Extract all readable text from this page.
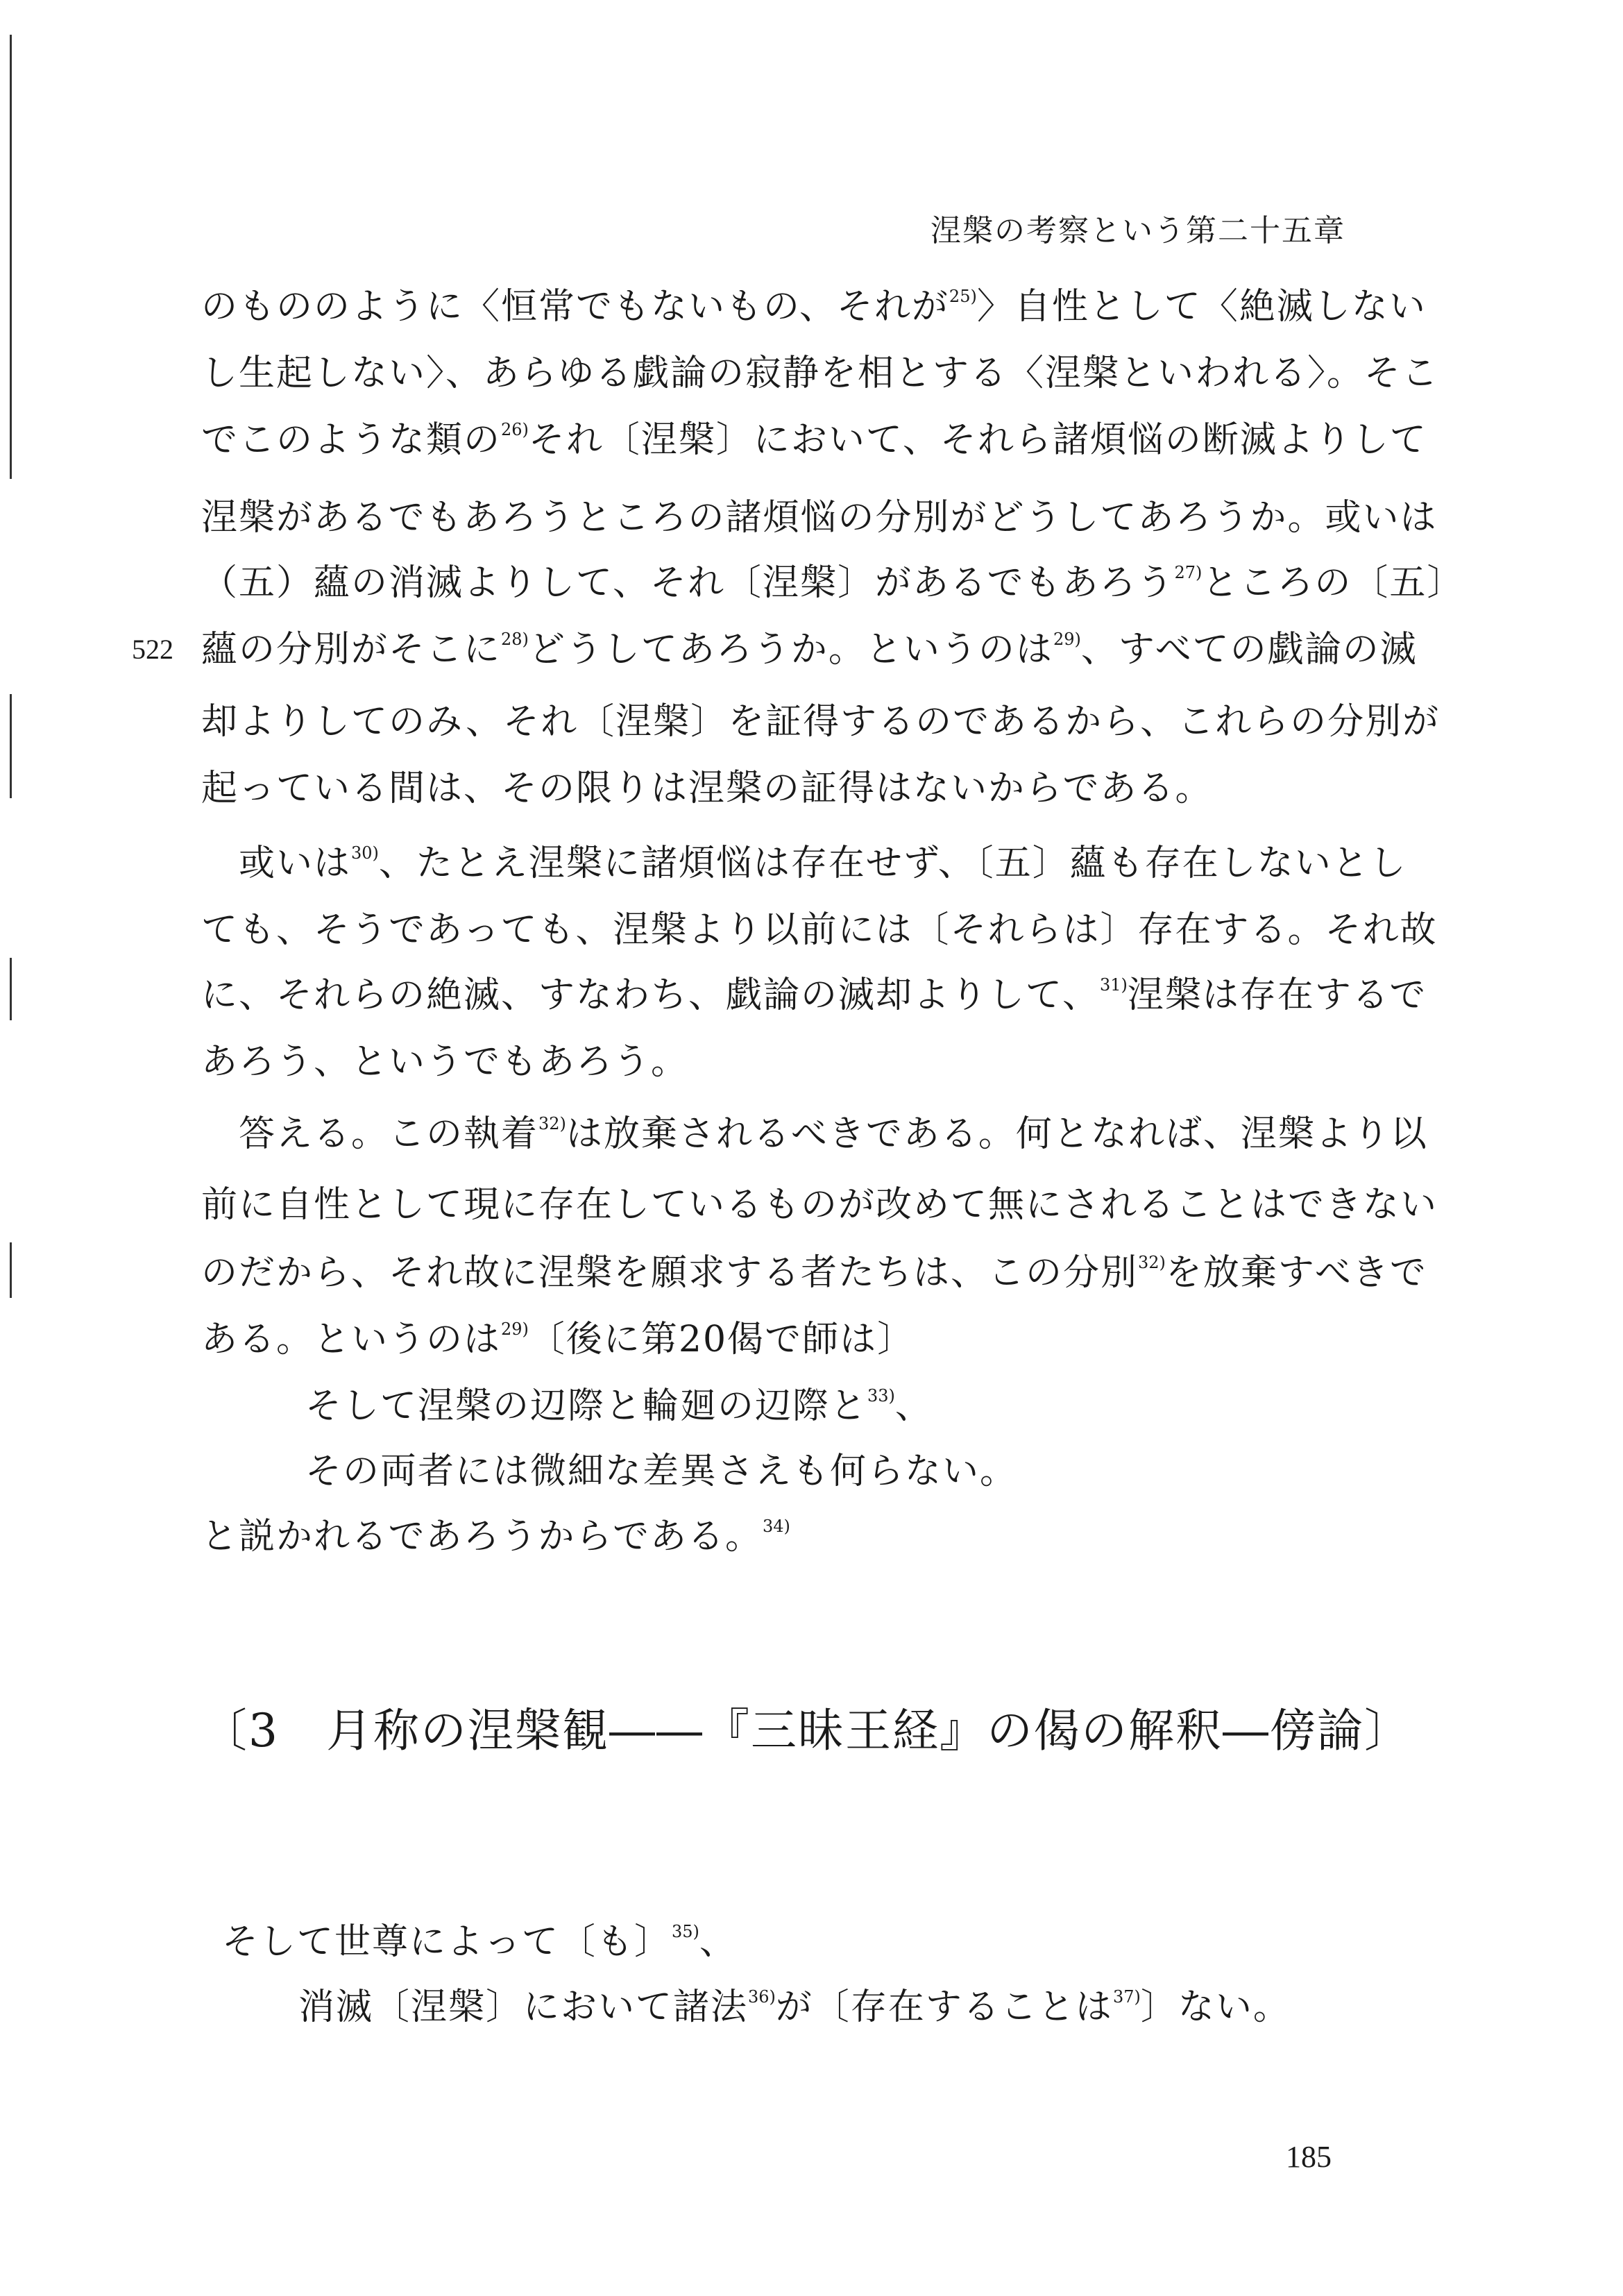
涅槃の考察という第二十五章
522
のもののように〈恒常でもないもの、それが$^{25)}$〉自性として〈絶滅しない
し生起しない〉、あらゆる戯論の寂静を相とする〈涅槃といわれる〉。そこ
でこのような類の$^{26)}$それ〔涅槃〕において、それら諸煩悩の断滅よりして
涅槃があるでもあろうところの諸煩悩の分別がどうしてあろうか。或いは
（五）蘊の消滅よりして、それ〔涅槃〕があるでもあろう$^{27)}$ところの〔五〕
蘊の分別がそこに$^{28)}$どうしてあろうか。というのは$^{29)}$、すべての戯論の滅
却よりしてのみ、それ〔涅槃〕を証得するのであるから、これらの分別が
起っている間は、その限りは涅槃の証得はないからである。
　或いは$^{30)}$、たとえ涅槃に諸煩悩は存在せず、〔五〕蘊も存在しないとし
ても、そうであっても、涅槃より以前には〔それらは〕存在する。それ故
に、それらの絶滅、すなわち、戯論の滅却よりして、$^{31)}$涅槃は存在するで
あろう、というでもあろう。
　答える。この執着$^{32)}$は放棄されるべきである。何となれば、涅槃より以
前に自性として現に存在しているものが改めて無にされることはできない
のだから、それ故に涅槃を願求する者たちは、この分別$^{32)}$を放棄すべきで
ある。というのは$^{29)}$〔後に第20偈で師は〕
そして涅槃の辺際と輪廻の辺際と$^{33)}$、
その両者には微細な差異さえも何らない。
と説かれるであろうからである。$^{34)}$
〔3　月称の涅槃観――『三昧王経』の偈の解釈―傍論〕
そして世尊によって〔も〕$^{35)}$、
消滅〔涅槃〕において諸法$^{36)}$が〔存在することは$^{37)}$〕ない。
185
